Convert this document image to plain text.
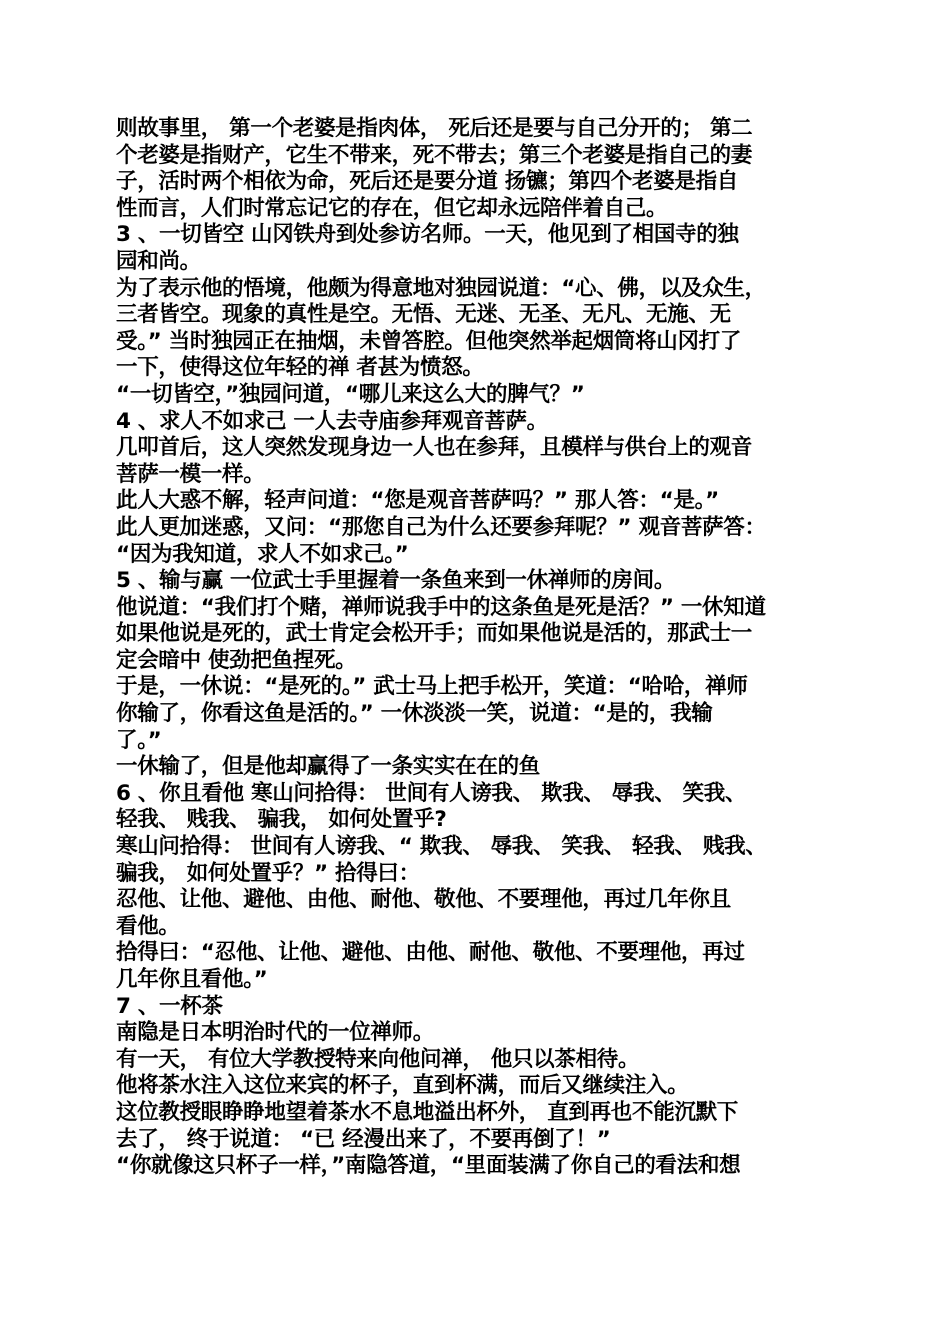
则故事里， 第一个老婆是指肉体， 死后还是要与自己分开的； 第二
个老婆是指财产，它生不带来，死不带去；第三个老婆是指自己的妻
子，活时两个相依为命，死后还是要分道 扬镳；第四个老婆是指自
性而言，人们时常忘记它的存在，但它却永远陪伴着自己。
3 、一切皆空 山冈铁舟到处参访名师。一天，他见到了相国寺的独
园和尚。
为了表示他的悟境，他颇为得意地对独园说道：“心、佛，以及众生，
三者皆空。现象的真性是空。无悟、无迷、无圣、无凡、无施、无
受。” 当时独园正在抽烟，未曾答腔。但他突然举起烟筒将山冈打了
一下，使得这位年轻的禅 者甚为愤怒。
“一切皆空，”独园问道，“哪儿来这么大的脾气？”
4 、求人不如求己 一人去寺庙参拜观音菩萨。
几叩首后，这人突然发现身边一人也在参拜，且模样与供台上的观音
菩萨一模一样。
此人大惑不解，轻声问道：“您是观音菩萨吗？” 那人答：“是。”
此人更加迷惑，又问：“那您自己为什么还要参拜呢？” 观音菩萨答：
“因为我知道，求人不如求己。”
5 、输与赢 一位武士手里握着一条鱼来到一休禅师的房间。
他说道：“我们打个赌，禅师说我手中的这条鱼是死是活？” 一休知道
如果他说是死的，武士肯定会松开手；而如果他说是活的，那武士一
定会暗中 使劲把鱼捏死。
于是，一休说：“是死的。” 武士马上把手松开，笑道：“哈哈，禅师
你输了，你看这鱼是活的。” 一休淡淡一笑，说道：“是的，我输
了。”
一休输了，但是他却赢得了一条实实在在的鱼
6 、你且看他 寒山问拾得： 世间有人谤我、 欺我、 辱我、 笑我、
轻我、 贱我、 骗我， 如何处置乎?
寒山问拾得： 世间有人谤我、“ 欺我、 辱我、 笑我、 轻我、 贱我、
骗我， 如何处置乎？” 拾得曰：
忍他、让他、避他、由他、耐他、敬他、不要理他，再过几年你且
看他。
拾得曰：“忍他、让他、避他、由他、耐他、敬他、不要理他，再过
几年你且看他。”
7 、一杯茶
南隐是日本明治时代的一位禅师。
有一天， 有位大学教授特来向他问禅， 他只以茶相待。
他将茶水注入这位来宾的杯子，直到杯满，而后又继续注入。
这位教授眼睁睁地望着茶水不息地溢出杯外， 直到再也不能沉默下
去了， 终于说道： “已 经漫出来了，不要再倒了！”
“你就像这只杯子一样，”南隐答道，“里面装满了你自己的看法和想
